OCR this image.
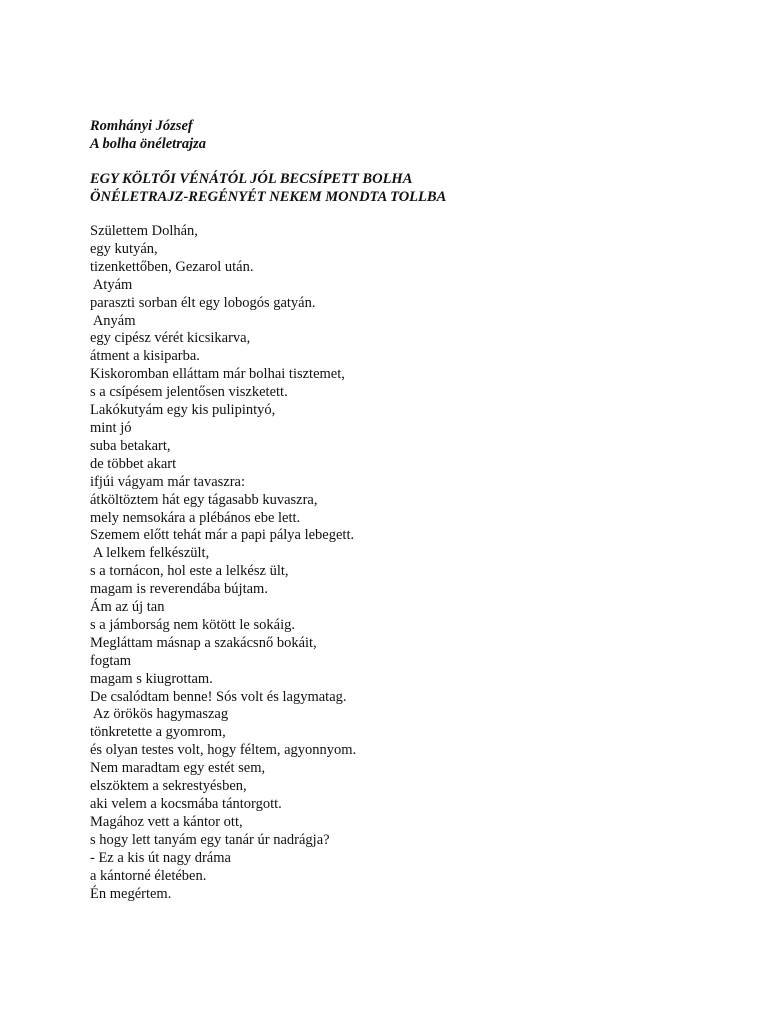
Romhányi József
A bolha önéletrajza
EGY KÖLTŐI VÉNÁTÓL JÓL BECSÍPETT BOLHA
ÖNÉLETRAJZ-REGÉNYÉT NEKEM MONDTA TOLLBA
Születtem Dolhán,
egy kutyán,
tizenkettőben, Gezarol után.
Atyám
paraszti sorban élt egy lobogós gatyán.
Anyám
egy cipész vérét kicsikarva,
átment a kisiparba.
Kiskoromban elláttam már bolhai tisztemet,
s a csípésem jelentősen viszketett.
Lakókutyám egy kis pulipintyó,
mint jó
suba betakart,
de többet akart
ifjúi vágyam már tavaszra:
átköltöztem hát egy tágasabb kuvaszra,
mely nemsokára a plébános ebe lett.
Szemem előtt tehát már a papi pálya lebegett.
A lelkem felkészült,
s a tornácon, hol este a lelkész ült,
magam is reverendába bújtam.
Ám az új tan
s a jámborság nem kötött le sokáig.
Megláttam másnap a szakácsnő bokáit,
fogtam
magam s kiugrottam.
De csalódtam benne! Sós volt és lagymatag.
Az örökös hagymaszag
tönkretette a gyomrom,
és olyan testes volt, hogy féltem, agyonnyom.
Nem maradtam egy estét sem,
elszöktem a sekrestyésben,
aki velem a kocsmába tántorgott.
Magához vett a kántor ott,
s hogy lett tanyám egy tanár úr nadrágja?
- Ez a kis út nagy dráma
a kántorné életében.
Én megértem.
